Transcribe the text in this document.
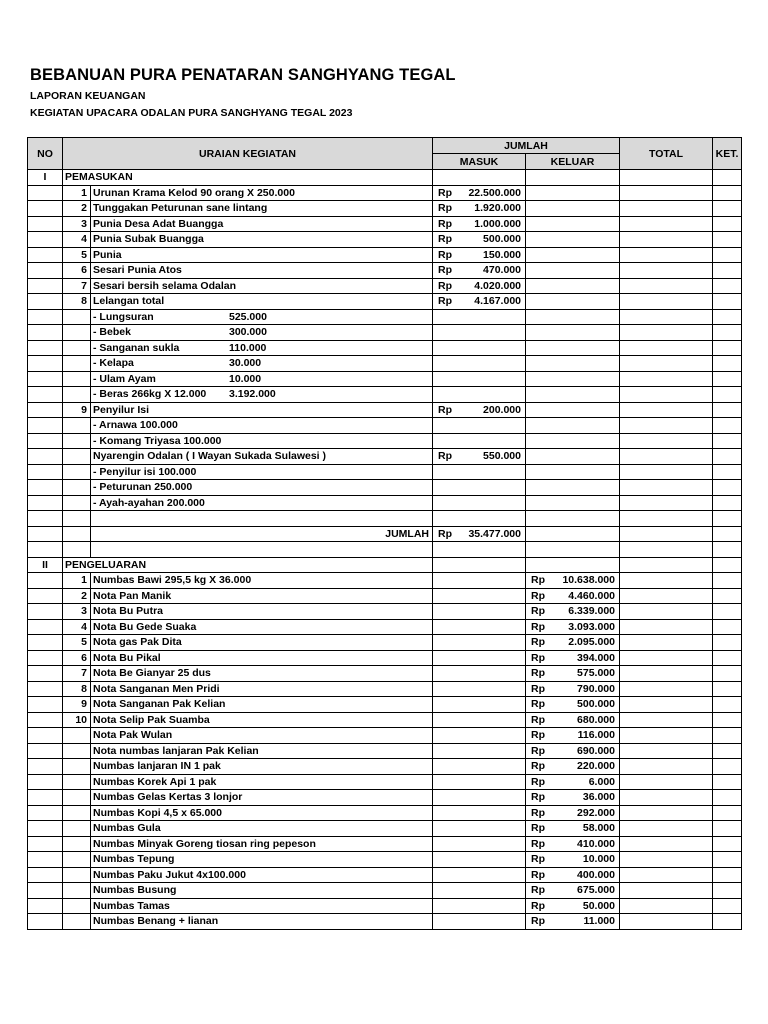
BEBANUAN PURA PENATARAN SANGHYANG TEGAL
LAPORAN KEUANGAN
KEGIATAN UPACARA ODALAN PURA SANGHYANG TEGAL 2023
NO	URAIAN KEGIATAN		JUMLAH		TOTAL	KET.
			MASUK	KELUAR		
I	PEMASUKAN					
	1	Urunan Krama Kelod 90 orang X 250.000	Rp 22.500.000			

	2	Tunggakan Peturunan sane lintang	Rp 1.920.000			

	3	Punia Desa Adat Buangga	Rp 1.000.000			

	4	Punia Subak Buangga	Rp 500.000			

	5	Punia	Rp 150.000			

	6	Sesari Punia Atos	Rp 470.000			

	7	Sesari bersih selama Odalan	Rp 4.020.000			

	8	Lelangan total	Rp 4.167.000			

		- Lungsuran 525.000				
		- Bebek 300.000				
		- Sanganan sukla 110.000				
		- Kelapa 30.000				
		- Ulam Ayam 10.000				
		- Beras 266kg X 12.000 3.192.000				
	9	Penyilur Isi	Rp 200.000			

		- Arnawa 100.000				
		- Komang Triyasa 100.000				
		Nyarengin Odalan ( I Wayan Sukada Sulawesi )	Rp 550.000			

		- Penyilur isi 100.000				
		- Peturunan 250.000				
		- Ayah-ayahan 200.000				

		JUMLAH	Rp 35.477.000			

II	PENGELUARAN					
	1	Numbas Bawi 295,5 kg X 36.000		Rp 10.638.000		

	2	Nota Pan Manik		Rp 4.460.000		

	3	Nota Bu Putra		Rp 6.339.000		

	4	Nota Bu Gede Suaka		Rp 3.093.000		

	5	Nota gas Pak Dita		Rp 2.095.000		

	6	Nota Bu Pikal		Rp 394.000		

	7	Nota Be Gianyar 25 dus		Rp 575.000		

	8	Nota Sanganan Men Pridi		Rp 790.000		

	9	Nota Sanganan Pak Kelian		Rp 500.000		

	10	Nota Selip Pak Suamba		Rp 680.000		

		Nota Pak Wulan		Rp 116.000		

		Nota numbas lanjaran Pak Kelian		Rp 690.000		

		Numbas lanjaran IN 1 pak		Rp 220.000		

		Numbas Korek Api 1 pak		Rp 6.000		

		Numbas Gelas Kertas 3 lonjor		Rp 36.000		

		Numbas Kopi 4,5 x 65.000		Rp 292.000		

		Numbas Gula		Rp 58.000		

		Numbas Minyak Goreng tiosan ring pepeson		Rp 410.000		

		Numbas Tepung		Rp 10.000		

		Numbas Paku Jukut 4x100.000		Rp 400.000		

		Numbas Busung		Rp 675.000		

		Numbas Tamas		Rp 50.000		

		Numbas Benang + lianan		Rp 11.000		
